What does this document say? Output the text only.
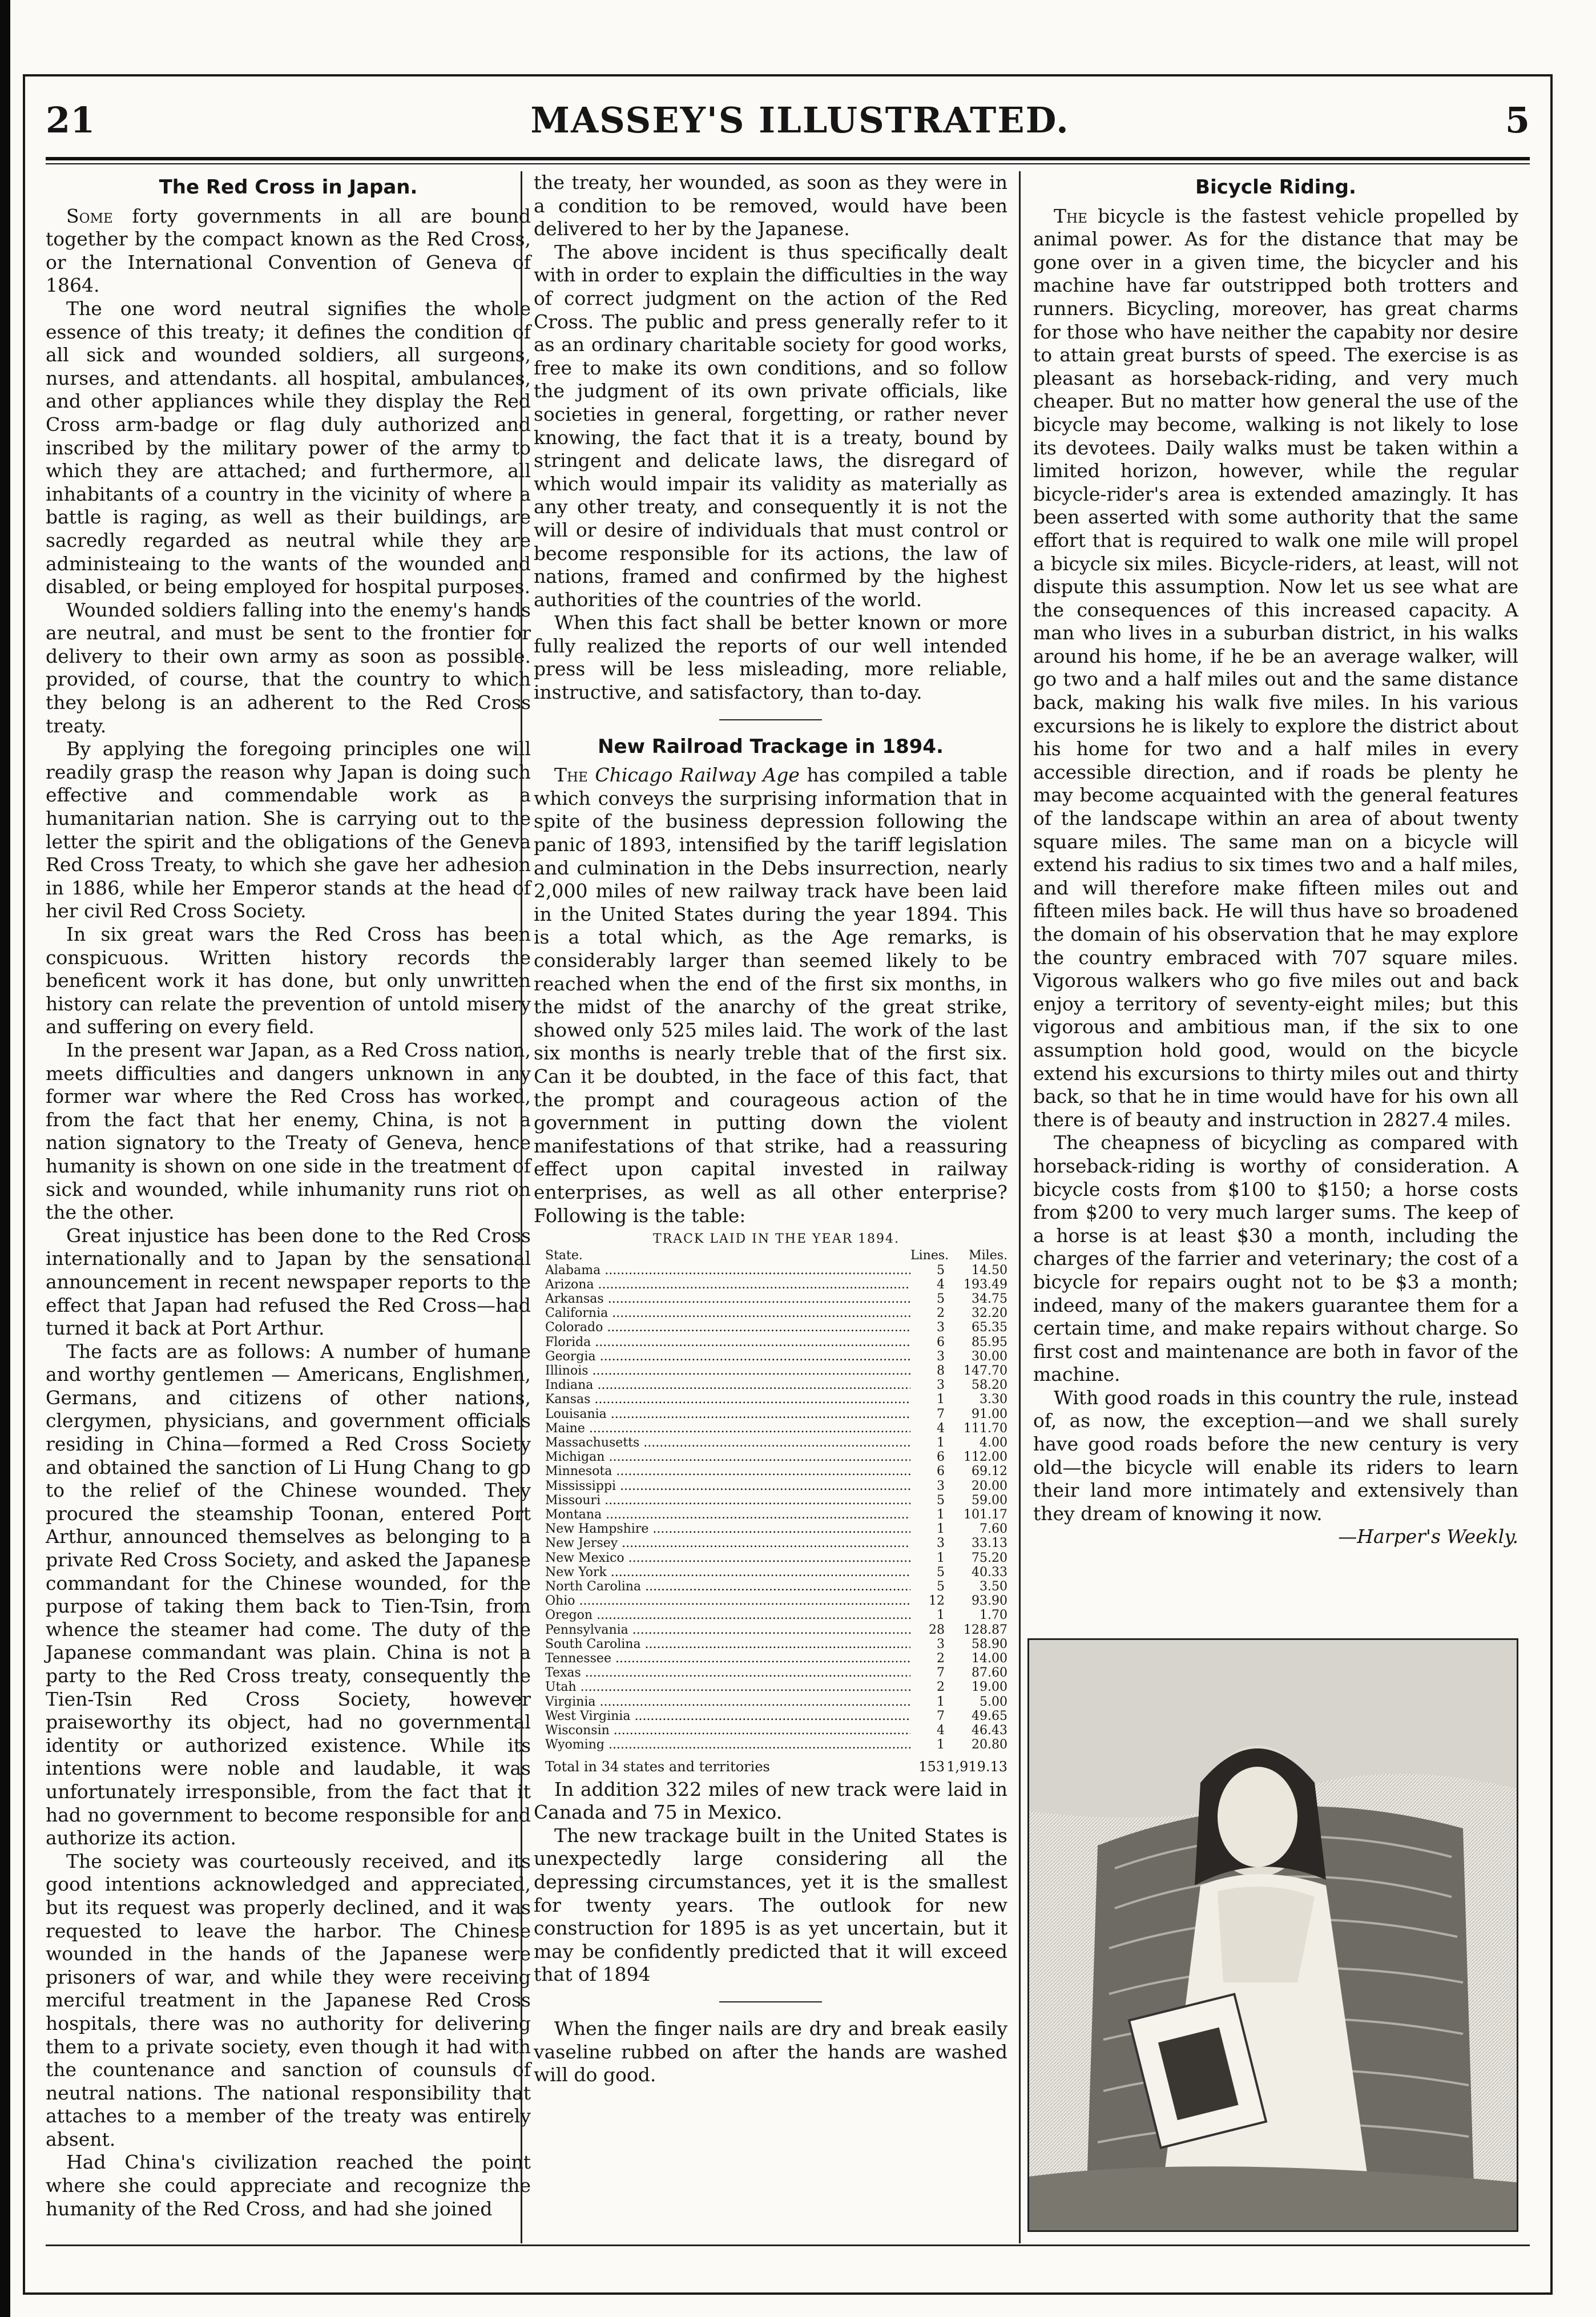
21	MASSEY'S ILLUSTRATED.	5
The Red Cross in Japan.

Some forty governments in all are bound together by the compact known as the Red Cross, or the International Convention of Geneva of 1864.

The one word neutral signifies the whole essence of this treaty; it defines the condition of all sick and wounded soldiers, all surgeons, nurses, and attendants. all hospital, ambulances, and other appliances while they display the Red Cross arm-badge or flag duly authorized and inscribed by the military power of the army to which they are attached; and furthermore, all inhabitants of a country in the vicinity of where a battle is raging, as well as their buildings, are sacredly regarded as neutral while they are administeaing to the wants of the wounded and disabled, or being employed for hospital purposes.

Wounded soldiers falling into the enemy's hands are neutral, and must be sent to the frontier for delivery to their own army as soon as possible. provided, of course, that the country to which they belong is an adherent to the Red Cross treaty.

By applying the foregoing principles one will readily grasp the reason why Japan is doing such effective and commendable work as a humanitarian nation. She is carrying out to the letter the spirit and the obligations of the Geneva Red Cross Treaty, to which she gave her adhesion in 1886, while her Emperor stands at the head of her civil Red Cross Society.

In six great wars the Red Cross has been conspicuous. Written history records the beneficent work it has done, but only unwritten history can relate the prevention of untold misery and suffering on every field.

In the present war Japan, as a Red Cross nation, meets difficulties and dangers unknown in any former war where the Red Cross has worked, from the fact that her enemy, China, is not a nation signatory to the Treaty of Geneva, hence humanity is shown on one side in the treatment of sick and wounded, while inhumanity runs riot on the the other.

Great injustice has been done to the Red Cross internationally and to Japan by the sensational announcement in recent newspaper reports to the effect that Japan had refused the Red Cross—had turned it back at Port Arthur.

The facts are as follows: A number of humane and worthy gentlemen — Americans, Englishmen, Germans, and citizens of other nations, clergymen, physicians, and government officials residing in China—formed a Red Cross Society and obtained the sanction of Li Hung Chang to go to the relief of the Chinese wounded. They procured the steamship Toonan, entered Port Arthur, announced themselves as belonging to a private Red Cross Society, and asked the Japanese commandant for the Chinese wounded, for the purpose of taking them back to Tien-Tsin, from whence the steamer had come. The duty of the Japanese commandant was plain. China is not a party to the Red Cross treaty, consequently the Tien-Tsin Red Cross Society, however praiseworthy its object, had no governmental identity or authorized existence. While its intentions were noble and laudable, it was unfortunately irresponsible, from the fact that it had no government to become responsible for and authorize its action.

The society was courteously received, and its good intentions acknowledged and appreciated, but its request was properly declined, and it was requested to leave the harbor. The Chinese wounded in the hands of the Japanese were prisoners of war, and while they were receiving merciful treatment in the Japanese Red Cross hospitals, there was no authority for delivering them to a private society, even though it had with the countenance and sanction of counsuls of neutral nations. The national responsibility that attaches to a member of the treaty was entirely absent.

Had China's civilization reached the point where she could appreciate and recognize the humanity of the Red Cross, and had she joined

the treaty, her wounded, as soon as they were in a condition to be removed, would have been delivered to her by the Japanese.

The above incident is thus specifically dealt with in order to explain the difficulties in the way of correct judgment on the action of the Red Cross. The public and press generally refer to it as an ordinary charitable society for good works, free to make its own conditions, and so follow the judgment of its own private officials, like societies in general, forgetting, or rather never knowing, the fact that it is a treaty, bound by stringent and delicate laws, the disregard of which would impair its validity as materially as any other treaty, and consequently it is not the will or desire of individuals that must control or become responsible for its actions, the law of nations, framed and confirmed by the highest authorities of the countries of the world.

When this fact shall be better known or more fully realized the reports of our well intended press will be less misleading, more reliable, instructive, and satisfactory, than to-day.

New Railroad Trackage in 1894.

The Chicago Railway Age has compiled a table which conveys the surprising information that in spite of the business depression following the panic of 1893, intensified by the tariff legislation and culmination in the Debs insurrection, nearly 2,000 miles of new railway track have been laid in the United States during the year 1894. This is a total which, as the Age remarks, is considerably larger than seemed likely to be reached when the end of the first six months, in the midst of the anarchy of the great strike, showed only 525 miles laid. The work of the last six months is nearly treble that of the first six. Can it be doubted, in the face of this fact, that the prompt and courageous action of the government in putting down the violent manifestations of that strike, had a reassuring effect upon capital invested in railway enterprises, as well as all other enterprise? Following is the table:

TRACK LAID IN THE YEAR 1894.
State.	Lines.	Miles.
Alabama .....	5	14.50
Arizona .....	4	193.49
Arkansas .....	5	34.75
California .....	2	32.20
Colorado .....	3	65.35
Florida .....	6	85.95
Georgia .....	3	30.00
Illinois .....	8	147.70
Indiana .....	3	58.20
Kansas .....	1	3.30
Louisania .....	7	91.00
Maine .....	4	111.70
Massachusetts .....	1	4.00
Michigan .....	6	112.00
Minnesota .....	6	69.12
Mississippi .....	3	20.00
Missouri .....	5	59.00
Montana .....	1	101.17
New Hampshire .....	1	7.60
New Jersey .....	3	33.13
New Mexico .....	1	75.20
New York .....	5	40.33
North Carolina .....	5	3.50
Ohio .....	12	93.90
Oregon .....	1	1.70
Pennsylvania .....	28	128.87
South Carolina .....	3	58.90
Tennessee .....	2	14.00
Texas .....	7	87.60
Utah .....	2	19.00
Virginia .....	1	5.00
West Virginia .....	7	49.65
Wisconsin .....	4	46.43
Wyoming .....	1	20.80
Total in 34 states and territories	153 1,919.13

In addition 322 miles of new track were laid in Canada and 75 in Mexico.

The new trackage built in the United States is unexpectedly large considering all the depressing circumstances, yet it is the smallest for twenty years. The outlook for new construction for 1895 is as yet uncertain, but it may be confidently predicted that it will exceed that of 1894

When the finger nails are dry and break easily vaseline rubbed on after the hands are washed will do good.

Bicycle Riding.

The bicycle is the fastest vehicle propelled by animal power. As for the distance that may be gone over in a given time, the bicycler and his machine have far outstripped both trotters and runners. Bicycling, moreover, has great charms for those who have neither the capabity nor desire to attain great bursts of speed. The exercise is as pleasant as horseback-riding, and very much cheaper. But no matter how general the use of the bicycle may become, walking is not likely to lose its devotees. Daily walks must be taken within a limited horizon, however, while the regular bicycle-rider's area is extended amazingly. It has been asserted with some authority that the same effort that is required to walk one mile will propel a bicycle six miles. Bicycle-riders, at least, will not dispute this assumption. Now let us see what are the consequences of this increased capacity. A man who lives in a suburban district, in his walks around his home, if he be an average walker, will go two and a half miles out and the same distance back, making his walk five miles. In his various excursions he is likely to explore the district about his home for two and a half miles in every accessible direction, and if roads be plenty he may become acquainted with the general features of the landscape within an area of about twenty square miles. The same man on a bicycle will extend his radius to six times two and a half miles, and will therefore make fifteen miles out and fifteen miles back. He will thus have so broadened the domain of his observation that he may explore the country embraced with 707 square miles. Vigorous walkers who go five miles out and back enjoy a territory of seventy-eight miles; but this vigorous and ambitious man, if the six to one assumption hold good, would on the bicycle extend his excursions to thirty miles out and thirty back, so that he in time would have for his own all there is of beauty and instruction in 2827.4 miles.

The cheapness of bicycling as compared with horseback-riding is worthy of consideration. A bicycle costs from $100 to $150; a horse costs from $200 to very much larger sums. The keep of a horse is at least $30 a month, including the charges of the farrier and veterinary; the cost of a bicycle for repairs ought not to be $3 a month; indeed, many of the makers guarantee them for a certain time, and make repairs without charge. So first cost and maintenance are both in favor of the machine.

With good roads in this country the rule, instead of, as now, the exception—and we shall surely have good roads before the new century is very old—the bicycle will enable its riders to learn their land more intimately and extensively than they dream of knowing it now.

—Harper's Weekly.
